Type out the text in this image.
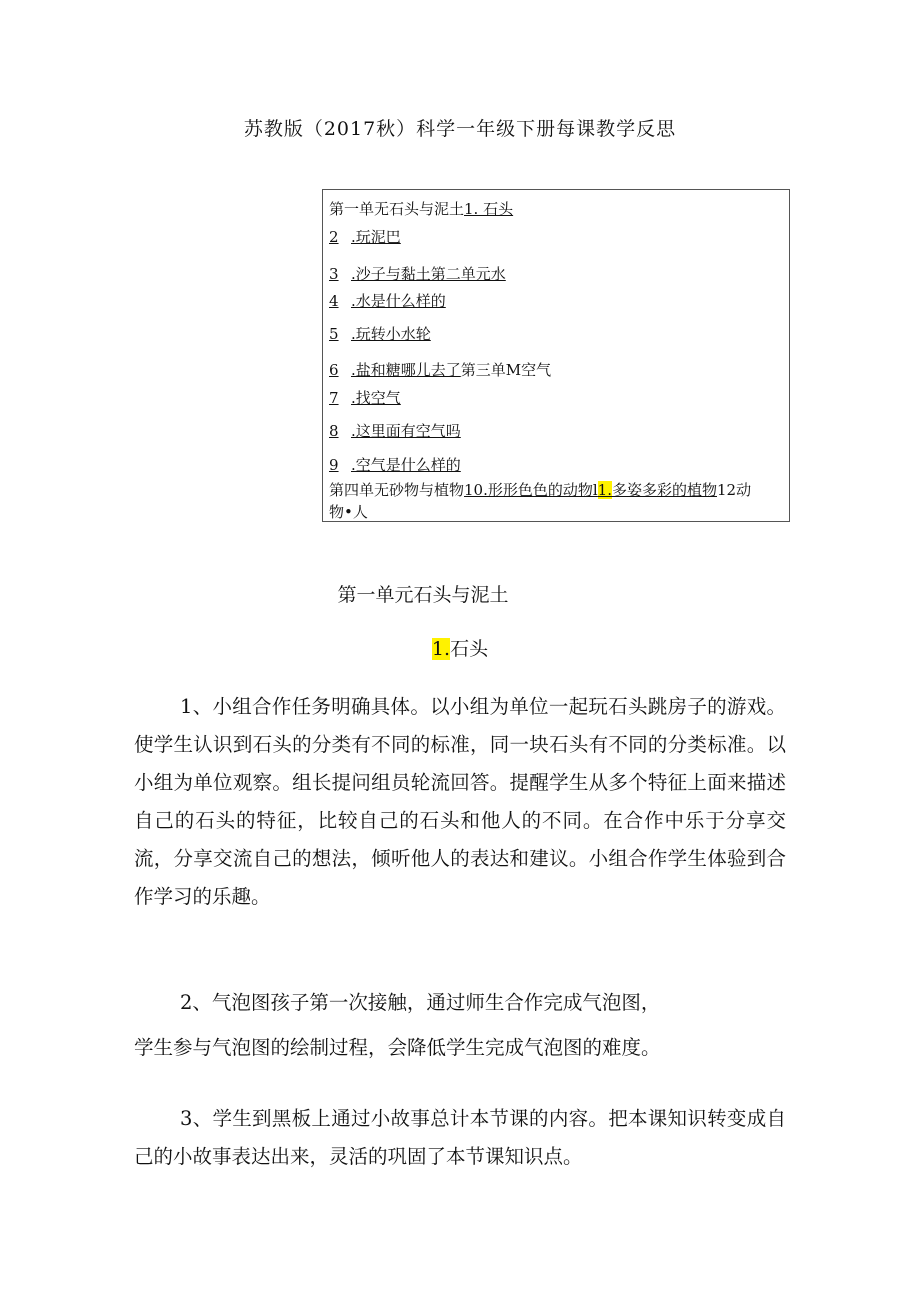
苏教版（2017秋）科学一年级下册每课教学反思
第一单无石头与泥土1. 石头
2 .玩泥巴
3 .沙子与黏土第二单元水
4 .水是什么样的
5 .玩转小水轮
6 .盐和糖哪儿去了第三单M空气
7 .找空气
8 .这里面有空气吗
9 .空气是什么样的
第四单无砂物与植物10.形形色色的动物l1.多姿多彩的植物12动
物•人
第一单元石头与泥土
1.石头

1、小组合作任务明确具体。以小组为单位一起玩石头跳房子的游戏。使学生认识到石头的分类有不同的标准，同一块石头有不同的分类标准。以小组为单位观察。组长提问组员轮流回答。提醒学生从多个特征上面来描述自己的石头的特征，比较自己的石头和他人的不同。在合作中乐于分享交流，分享交流自己的想法，倾听他人的表达和建议。小组合作学生体验到合作学习的乐趣。

2、气泡图孩子第一次接触，通过师生合作完成气泡图，
学生参与气泡图的绘制过程，会降低学生完成气泡图的难度。

3、学生到黑板上通过小故事总计本节课的内容。把本课知识转变成自己的小故事表达出来，灵活的巩固了本节课知识点。
